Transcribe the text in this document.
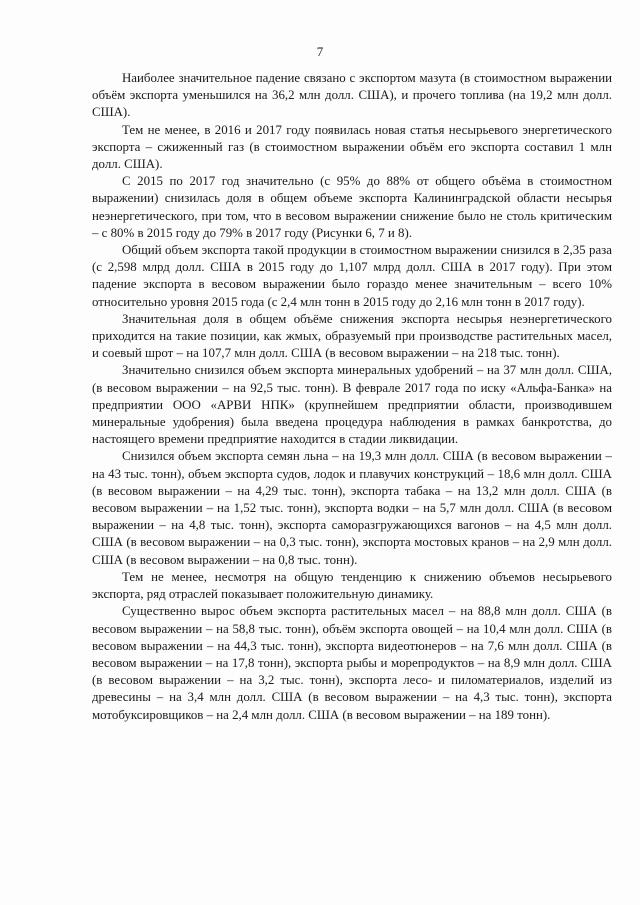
7

Наиболее значительное падение связано с экспортом мазута (в стоимостном выражении объём экспорта уменьшился на 36,2 млн долл. США), и прочего топлива (на 19,2 млн долл. США).

Тем не менее, в 2016 и 2017 году появилась новая статья несырьевого энергетического экспорта – сжиженный газ (в стоимостном выражении объём его экспорта составил 1 млн долл. США).

С 2015 по 2017 год значительно (с 95% до 88% от общего объёма в стоимостном выражении) снизилась доля в общем объеме экспорта Калининградской области несырья неэнергетического, при том, что в весовом выражении снижение было не столь критическим – с 80% в 2015 году до 79% в 2017 году (Рисунки 6, 7 и 8).

Общий объем экспорта такой продукции в стоимостном выражении снизился в 2,35 раза (с 2,598 млрд долл. США в 2015 году до 1,107 млрд долл. США в 2017 году). При этом падение экспорта в весовом выражении было гораздо менее значительным – всего 10% относительно уровня 2015 года (с 2,4 млн тонн в 2015 году до 2,16 млн тонн в 2017 году).

Значительная доля в общем объёме снижения экспорта несырья неэнергетического приходится на такие позиции, как жмых, образуемый при производстве растительных масел, и соевый шрот – на 107,7 млн долл. США (в весовом выражении – на 218 тыс. тонн).

Значительно снизился объем экспорта минеральных удобрений – на 37 млн долл. США, (в весовом выражении – на 92,5 тыс. тонн). В феврале 2017 года по иску «Альфа-Банка» на предприятии ООО «АРВИ НПК» (крупнейшем предприятии области, производившем минеральные удобрения) была введена процедура наблюдения в рамках банкротства, до настоящего времени предприятие находится в стадии ликвидации.

Снизился объем экспорта семян льна – на 19,3 млн долл. США (в весовом выражении – на 43 тыс. тонн), объем экспорта судов, лодок и плавучих конструкций – 18,6 млн долл. США (в весовом выражении – на 4,29 тыс. тонн), экспорта табака – на 13,2 млн долл. США (в весовом выражении – на 1,52 тыс. тонн), экспорта водки – на 5,7 млн долл. США (в весовом выражении – на 4,8 тыс. тонн), экспорта саморазгружающихся вагонов – на 4,5 млн долл. США (в весовом выражении – на 0,3 тыс. тонн), экспорта мостовых кранов – на 2,9 млн долл. США (в весовом выражении – на 0,8 тыс. тонн).

Тем не менее, несмотря на общую тенденцию к снижению объемов несырьевого экспорта, ряд отраслей показывает положительную динамику.

Существенно вырос объем экспорта растительных масел – на 88,8 млн долл. США (в весовом выражении – на 58,8 тыс. тонн), объём экспорта овощей – на 10,4 млн долл. США (в весовом выражении – на 44,3 тыс. тонн), экспорта видеотюнеров – на 7,6 млн долл. США (в весовом выражении – на 17,8 тонн), экспорта рыбы и морепродуктов – на 8,9 млн долл. США (в весовом выражении – на 3,2 тыс. тонн), экспорта лесо- и пиломатериалов, изделий из древесины – на 3,4 млн долл. США (в весовом выражении – на 4,3 тыс. тонн), экспорта мотобуксировщиков – на 2,4 млн долл. США (в весовом выражении – на 189 тонн).
